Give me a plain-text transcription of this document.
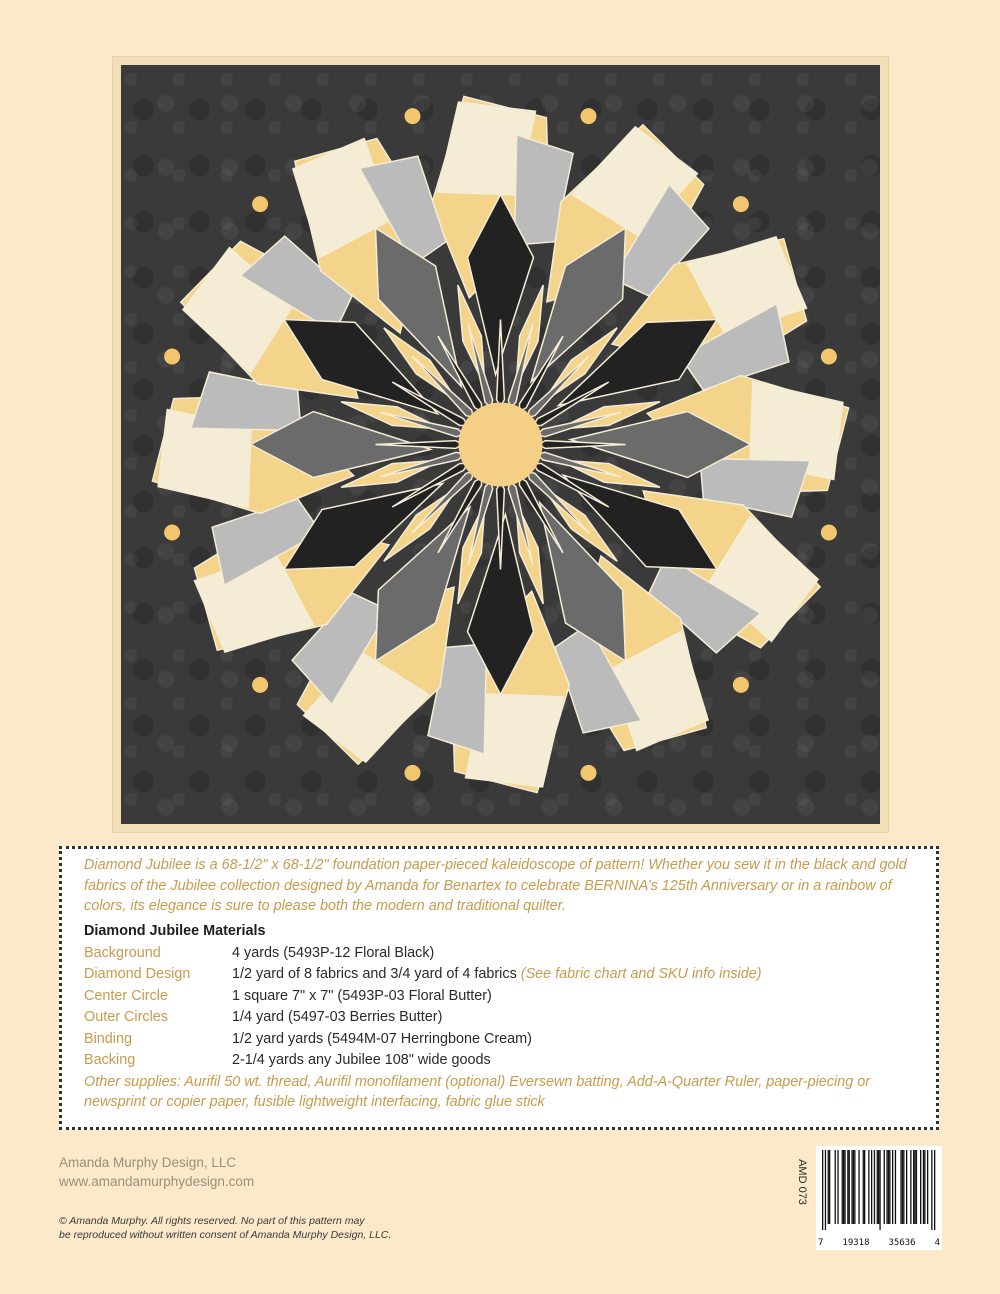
Diamond Jubilee is a 68-1/2" x 68-1/2" foundation paper-pieced kaleidoscope of pattern! Whether you sew it in the black and gold fabrics of the Jubilee collection designed by Amanda for Benartex to celebrate BERNINA’s 125th Anniversary or in a rainbow of colors, its elegance is sure to please both the modern and traditional quilter.

Diamond Jubilee Materials
Background	4 yards (5493P-12 Floral Black)
Diamond Design	1/2 yard of 8 fabrics and 3/4 yard of 4 fabrics (See fabric chart and SKU info inside)
Center Circle	1 square 7" x 7" (5493P-03 Floral Butter)
Outer Circles	1/4 yard (5497-03 Berries Butter)
Binding	1/2 yard yards (5494M-07 Herringbone Cream)
Backing	2-1/4 yards any Jubilee 108" wide goods

Other supplies: Aurifil 50 wt. thread, Aurifil monofilament (optional) Eversewn batting, Add-A-Quarter Ruler, paper-piecing or newsprint or copier paper, fusible lightweight interfacing, fabric glue stick

Amanda Murphy Design, LLC
www.amandamurphydesign.com
© Amanda Murphy. All rights reserved. No part of this pattern may
be reproduced without written consent of Amanda Murphy Design, LLC.
AMD 073
7 19318 35636 4
